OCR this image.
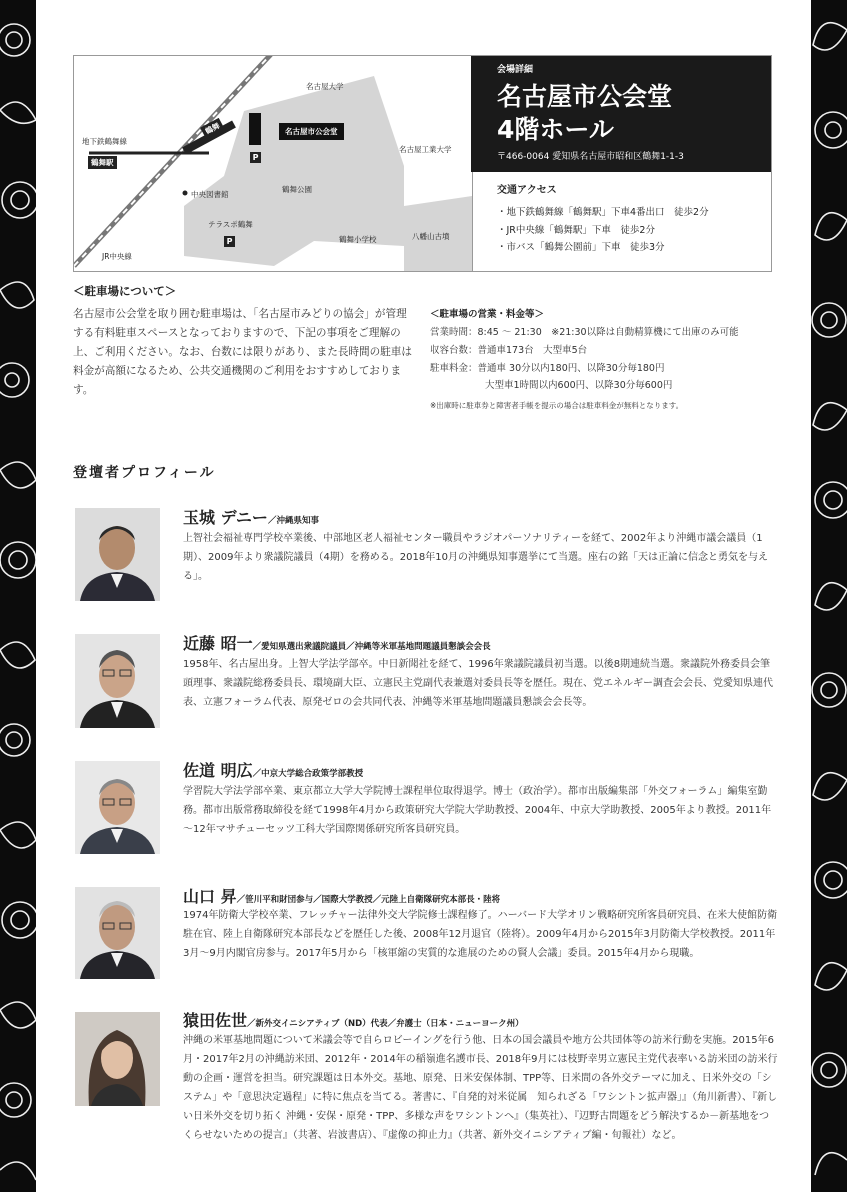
名古屋大学
名古屋市公会堂
地下鉄鶴舞線
鶴舞駅
鶴舞
名古屋工業大学
P
中央図書館
鶴舞公園
テラスポ鶴舞
P	鶴舞小学校	八幡山古墳
JR中央線
会場詳細
名古屋市公会堂
4階ホール
〒466-0064 愛知県名古屋市昭和区鶴舞1-1-3
交通アクセス
・地下鉄鶴舞線「鶴舞駅」下車4番出口　徒歩2分
・JR中央線「鶴舞駅」下車　徒歩2分
・市バス「鶴舞公園前」下車　徒歩3分
＜駐車場について＞
名古屋市公会堂を取り囲む駐車場は、「名古屋市みどりの協会」が管理する有料駐車スペースとなっておりますので、下記の事項をご理解の上、ご利用ください。なお、台数には限りがあり、また長時間の駐車は料金が高額になるため、公共交通機関のご利用をおすすめしております。
＜駐車場の営業・料金等＞
営業時間：8:45 ～ 21:30　※21:30以降は自動精算機にて出庫のみ可能
収容台数：普通車173台　大型車5台
駐車料金：普通車 30分以内180円、以降30分毎180円
大型車1時間以内600円、以降30分毎600円
※出庫時に駐車券と障害者手帳を提示の場合は駐車料金が無料となります。
登壇者プロフィール
玉城 デニー／沖縄県知事
上智社会福祉専門学校卒業後、中部地区老人福祉センター職員やラジオパーソナリティーを経て、2002年より沖縄市議会議員（1期）、2009年より衆議院議員（4期）を務める。2018年10月の沖縄県知事選挙にて当選。座右の銘「天は正論に信念と勇気を与える」。
近藤 昭一／愛知県選出衆議院議員／沖縄等米軍基地問題議員懇談会会長
1958年、名古屋出身。上智大学法学部卒。中日新聞社を経て、1996年衆議院議員初当選。以後8期連続当選。衆議院外務委員会筆頭理事、衆議院総務委員長、環境副大臣、立憲民主党副代表兼選対委員長等を歴任。現在、党エネルギー調査会会長、党愛知県連代表、立憲フォーラム代表、原発ゼロの会共同代表、沖縄等米軍基地問題議員懇談会会長等。
佐道 明広／中京大学総合政策学部教授
学習院大学法学部卒業、東京都立大学大学院博士課程単位取得退学。博士（政治学）。都市出版編集部「外交フォーラム」編集室勤務。都市出版常務取締役を経て1998年4月から政策研究大学院大学助教授、2004年、中京大学助教授、2005年より教授。2011年～12年マサチューセッツ工科大学国際関係研究所客員研究員。
山口 昇／笹川平和財団参与／国際大学教授／元陸上自衛隊研究本部長・陸将
1974年防衛大学校卒業、フレッチャー法律外交大学院修士課程修了。ハーバード大学オリン戦略研究所客員研究員、在米大使館防衛駐在官、陸上自衛隊研究本部長などを歴任した後、2008年12月退官（陸将）。2009年4月から2015年3月防衛大学校教授。2011年3月～9月内閣官房参与。2017年5月から「核軍縮の実質的な進展のための賢人会議」委員。2015年4月から現職。
猿田佐世／新外交イニシアティブ（ND）代表／弁護士（日本・ニューヨーク州）
沖縄の米軍基地問題について米議会等で自らロビーイングを行う他、日本の国会議員や地方公共団体等の訪米行動を実施。2015年6月・2017年2月の沖縄訪米団、2012年・2014年の稲嶺進名護市長、2018年9月には枝野幸男立憲民主党代表率いる訪米団の訪米行動の企画・運営を担当。研究課題は日本外交。基地、原発、日米安保体制、TPP等、日米間の各外交テーマに加え、日米外交の「システム」や「意思決定過程」に特に焦点を当てる。著書に、『自発的対米従属　知られざる「ワシントン拡声器」』（角川新書）、『新しい日米外交を切り拓く 沖縄・安保・原発・TPP、多様な声をワシントンへ』（集英社）、『辺野古問題をどう解決するか－新基地をつくらせないための提言』（共著、岩波書店）、『虚像の抑止力』（共著、新外交イニシアティブ編・旬報社）など。
